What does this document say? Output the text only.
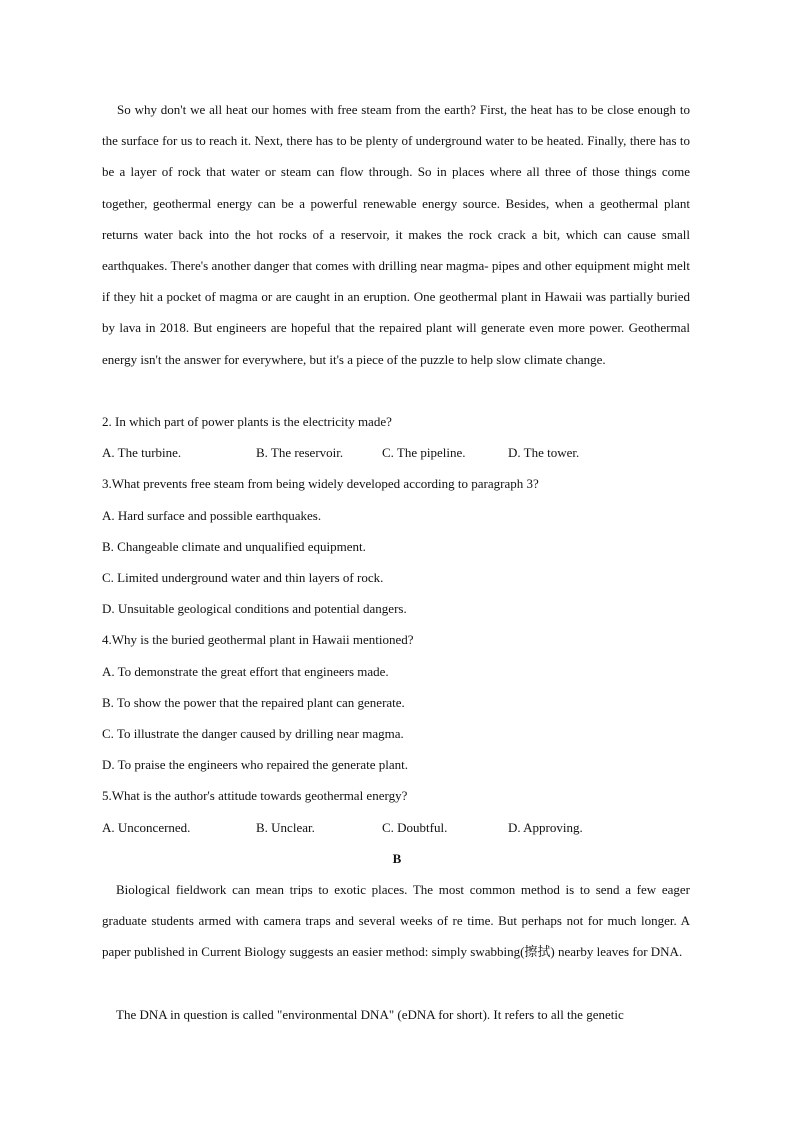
So why don't we all heat our homes with free steam from the earth? First, the heat has to be close enough to the surface for us to reach it. Next, there has to be plenty of underground water to be heated. Finally, there has to be a layer of rock that water or steam can flow through. So in places where all three of those things come together, geothermal energy can be a powerful renewable energy source. Besides, when a geothermal plant returns water back into the hot rocks of a reservoir, it makes the rock crack a bit, which can cause small earthquakes. There's another danger that comes with drilling near magma- pipes and other equipment might melt if they hit a pocket of magma or are caught in an eruption. One geothermal plant in Hawaii was partially buried by lava in 2018. But engineers are hopeful that the repaired plant will generate even more power. Geothermal energy isn't the answer for everywhere, but it's a piece of the puzzle to help slow climate change.

2. In which part of power plants is the electricity made?
A. The turbine.	B. The reservoir.	C. The pipeline.	D. The tower.
3.What prevents free steam from being widely developed according to paragraph 3?
A. Hard surface and possible earthquakes.
B. Changeable climate and unqualified equipment.
C. Limited underground water and thin layers of rock.
D. Unsuitable geological conditions and potential dangers.
4.Why is the buried geothermal plant in Hawaii mentioned?
A. To demonstrate the great effort that engineers made.
B. To show the power that the repaired plant can generate.
C. To illustrate the danger caused by drilling near magma.
D. To praise the engineers who repaired the generate plant.
5.What is the author's attitude towards geothermal energy?
A. Unconcerned.	B. Unclear.	C. Doubtful.	D. Approving.
B

Biological fieldwork can mean trips to exotic places. The most common method is to send a few eager graduate students armed with camera traps and several weeks of re time. But perhaps not for much longer. A paper published in Current Biology suggests an easier method: simply swabbing(擦拭) nearby leaves for DNA.

The DNA in question is called "environmental DNA" (eDNA for short). It refers to all the genetic
